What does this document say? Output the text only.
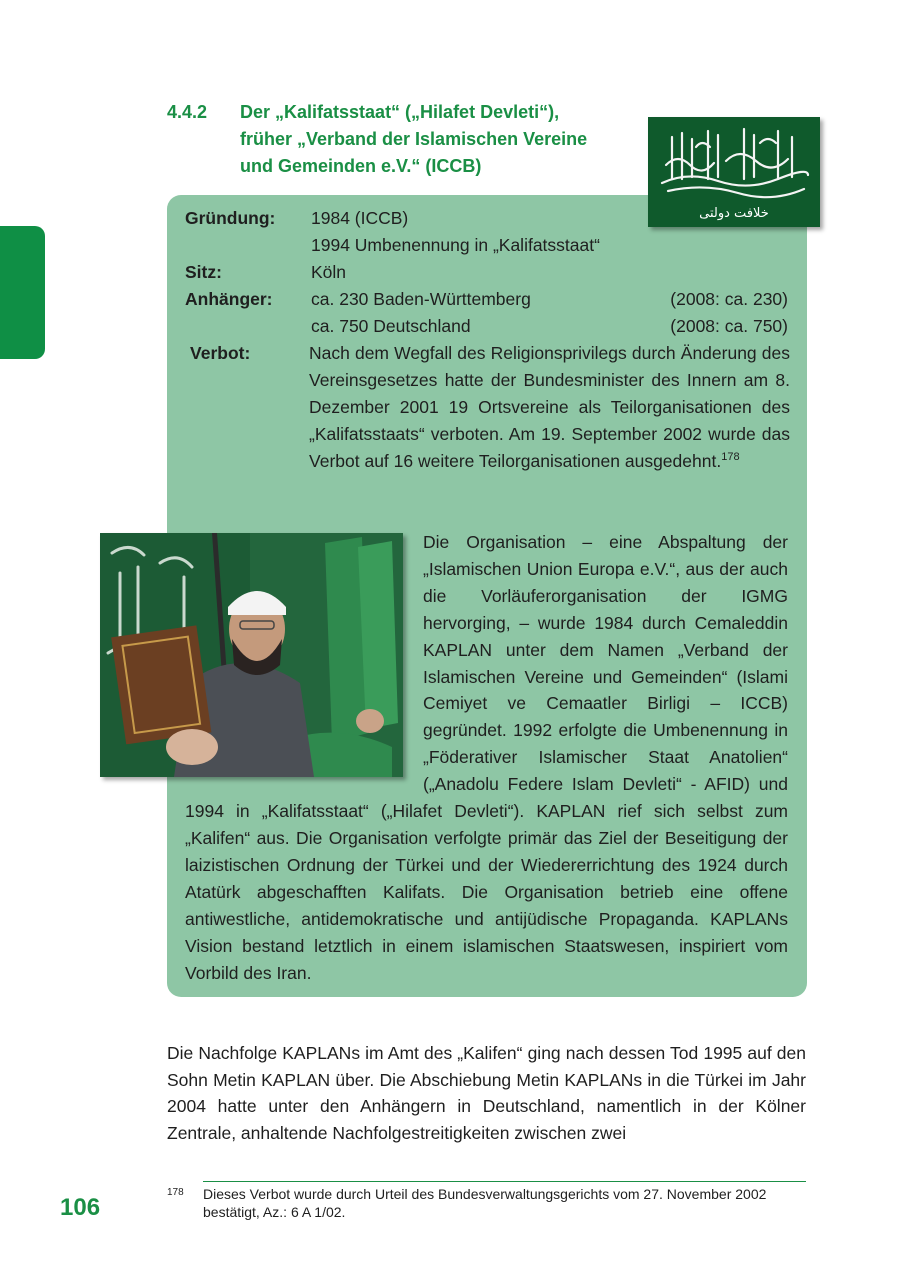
4.4.2 Der „Kalifatsstaat“ („Hilafet Devleti“),
früher „Verband der Islamischen Vereine
und Gemeinden e.V.“ (ICCB)
خلافت دولتی
Gründung: 1984 (ICCB)
1994 Umbenennung in „Kalifatsstaat“
Sitz:	Köln
Anhänger: ca. 230 Baden-Württemberg	(2008: ca. 230)
ca. 750 Deutschland	(2008: ca. 750)
Verbot:	Nach dem Wegfall des Religionsprivilegs durch Änderung des Vereinsgesetzes hatte der Bundesminister des Innern am 8. Dezember 2001 19 Ortsvereine als Teilorganisationen des „Kalifatsstaats“ verboten. Am 19. September 2002 wurde das Verbot auf 16 weitere Teilorganisationen ausgedehnt.$^{178}$
Die Organisation – eine Abspaltung der „Islamischen Union Europa e.V.“, aus der auch die Vorläuferorganisation der IGMG hervorging, – wurde 1984 durch Cemaleddin KAPLAN unter dem Namen „Verband der Islamischen Vereine und Gemeinden“ (Islami Cemiyet ve Cemaatler Birligi – ICCB) gegründet. 1992 erfolgte die Umbenennung in „Föderativer Islamischer Staat Anatolien“ („Anadolu Federe Islam Devleti“ - AFID) und 1994 in „Kalifatsstaat“ („Hilafet Devleti“). KAPLAN rief sich selbst zum „Kalifen“ aus. Die Organisation verfolgte primär das Ziel der Beseitigung der laizistischen Ordnung der Türkei und der Wiedererrichtung des 1924 durch Atatürk abgeschafften Kalifats. Die Organisation betrieb eine offene antiwestliche, antidemokratische und antijüdische Propaganda. KAPLANs Vision bestand letztlich in einem islamischen Staatswesen, inspiriert vom Vorbild des Iran.
Die Nachfolge KAPLANs im Amt des „Kalifen“ ging nach dessen Tod 1995 auf den Sohn Metin KAPLAN über. Die Abschiebung Metin KAPLANs in die Türkei im Jahr 2004 hatte unter den Anhängern in Deutschland, namentlich in der Kölner Zentrale, anhaltende Nachfolgestreitigkeiten zwischen zwei
178 Dieses Verbot wurde durch Urteil des Bundesverwaltungsgerichts vom 27. November 2002 bestätigt, Az.: 6 A 1/02.
106
